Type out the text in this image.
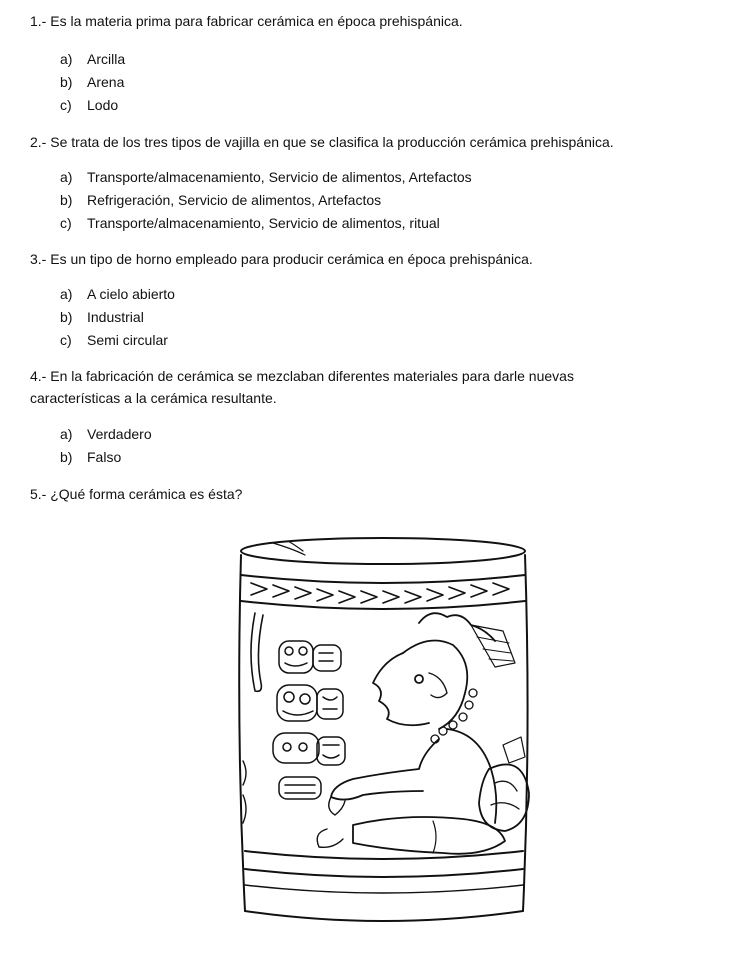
1.- Es la materia prima para fabricar cerámica en época prehispánica.

a) Arcilla
b) Arena
c) Lodo

2.- Se trata de los tres tipos de vajilla en que se clasifica la producción cerámica prehispánica.

a) Transporte/almacenamiento, Servicio de alimentos, Artefactos
b) Refrigeración, Servicio de alimentos, Artefactos
c) Transporte/almacenamiento, Servicio de alimentos, ritual

3.- Es un tipo de horno empleado para producir cerámica en época prehispánica.

a) A cielo abierto
b) Industrial
c) Semi circular

4.- En la fabricación de cerámica se mezclaban diferentes materiales para darle nuevas

características a la cerámica resultante.

a) Verdadero
b) Falso

5.- ¿Qué forma cerámica es ésta?
